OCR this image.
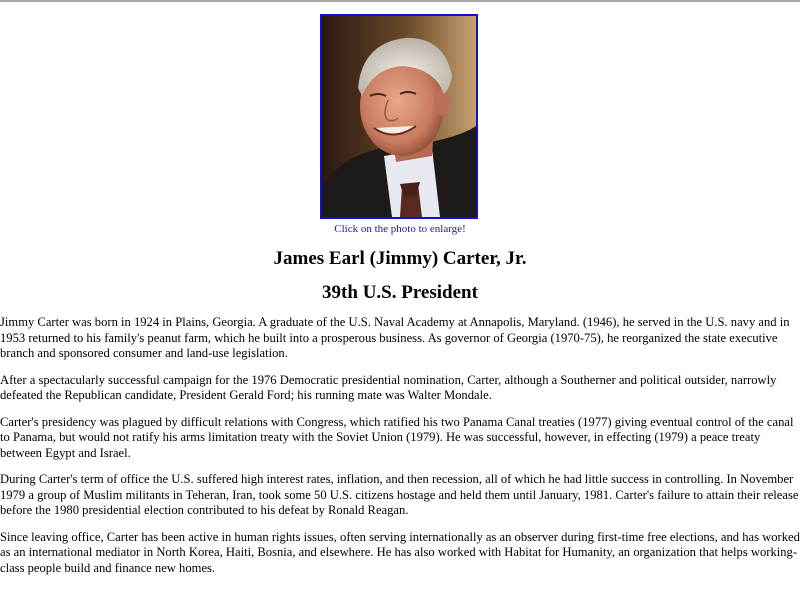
Click on the photo to enlarge!
James Earl (Jimmy) Carter, Jr.
39th U.S. President

Jimmy Carter was born in 1924 in Plains, Georgia. A graduate of the U.S. Naval Academy at Annapolis, Maryland. (1946), he served in the U.S. navy and in 1953 returned to his family's peanut farm, which he built into a prosperous business. As governor of Georgia (1970-75), he reorganized the state executive branch and sponsored consumer and land-use legislation.

After a spectacularly successful campaign for the 1976 Democratic presidential nomination, Carter, although a Southerner and political outsider, narrowly defeated the Republican candidate, President Gerald Ford; his running mate was Walter Mondale.

Carter's presidency was plagued by difficult relations with Congress, which ratified his two Panama Canal treaties (1977) giving eventual control of the canal to Panama, but would not ratify his arms limitation treaty with the Soviet Union (1979). He was successful, however, in effecting (1979) a peace treaty between Egypt and Israel.

During Carter's term of office the U.S. suffered high interest rates, inflation, and then recession, all of which he had little success in controlling. In November 1979 a group of Muslim militants in Teheran, Iran, took some 50 U.S. citizens hostage and held them until January, 1981. Carter's failure to attain their release before the 1980 presidential election contributed to his defeat by Ronald Reagan.

Since leaving office, Carter has been active in human rights issues, often serving internationally as an observer during first-time free elections, and has worked as an international mediator in North Korea, Haiti, Bosnia, and elsewhere. He has also worked with Habitat for Humanity, an organization that helps working-class people build and finance new homes.
